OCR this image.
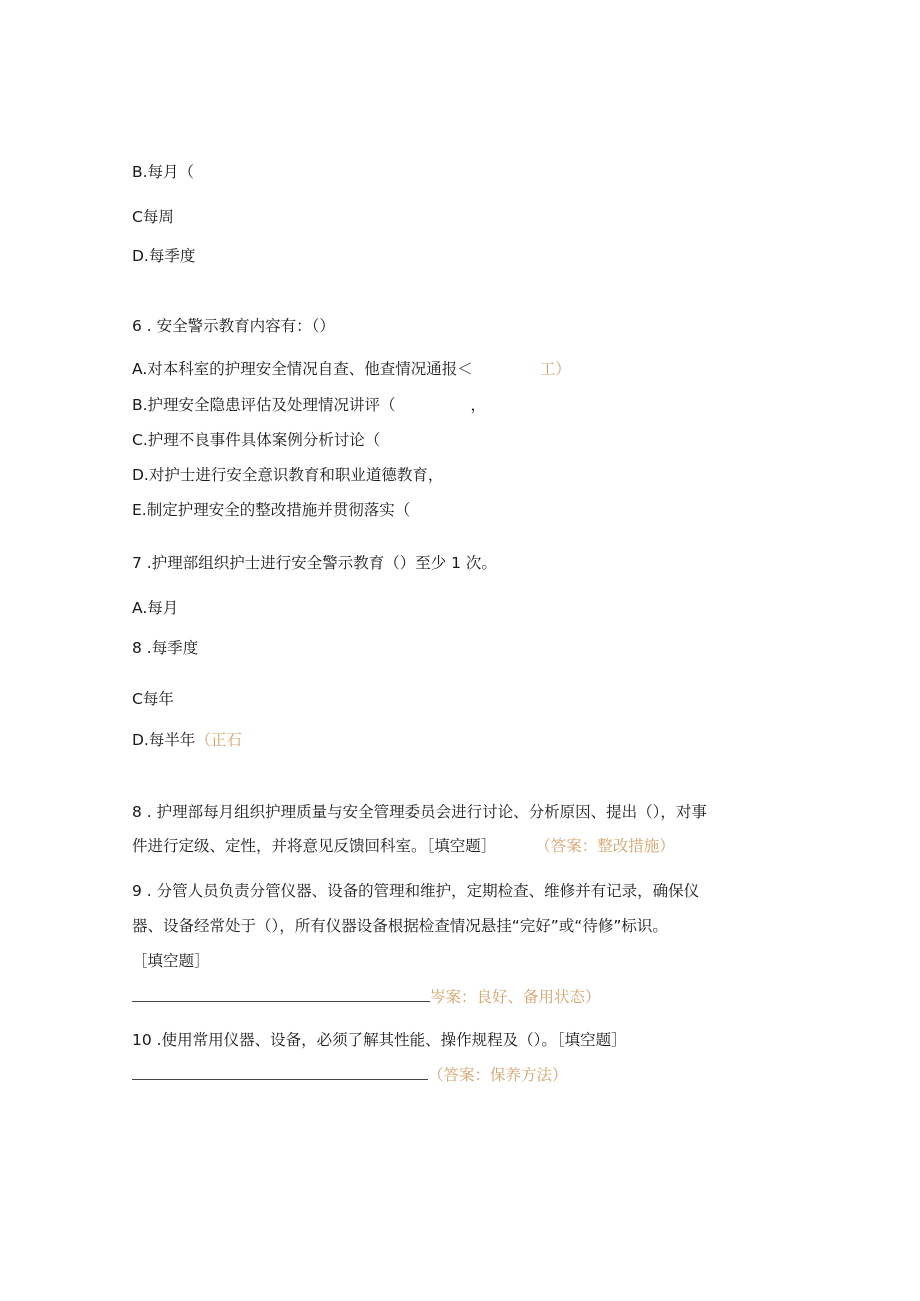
B.每月（
C每周
D.每季度
6 . 安全警示教育内容有：（）
A.对本科室的护理安全情况自查、他查情况通报＜	工）
B.护理安全隐患评估及处理情况讲评（	，
C.护理不良事件具体案例分析讨论（
D.对护士进行安全意识教育和职业道德教育，
E.制定护理安全的整改措施并贯彻落实（
7 .护理部组织护士进行安全警示教育（）至少 1 次。
A.每月
8 .每季度
C每年
D.每半年（正石
8 . 护理部每月组织护理质量与安全管理委员会进行讨论、分析原因、提出（），对事
件进行定级、定性，并将意见反馈回科室。［填空题］	（答案：整改措施）
9 . 分管人员负责分管仪器、设备的管理和维护，定期检查、维修并有记录，确保仪
器、设备经常处于（），所有仪器设备根据检查情况悬挂“完好”或“待修”标识。
［填空题］
岑案：良好、备用状态）
10 .使用常用仪器、设备，必须了解其性能、操作规程及（）。［填空题］
（答案：保养方法）
